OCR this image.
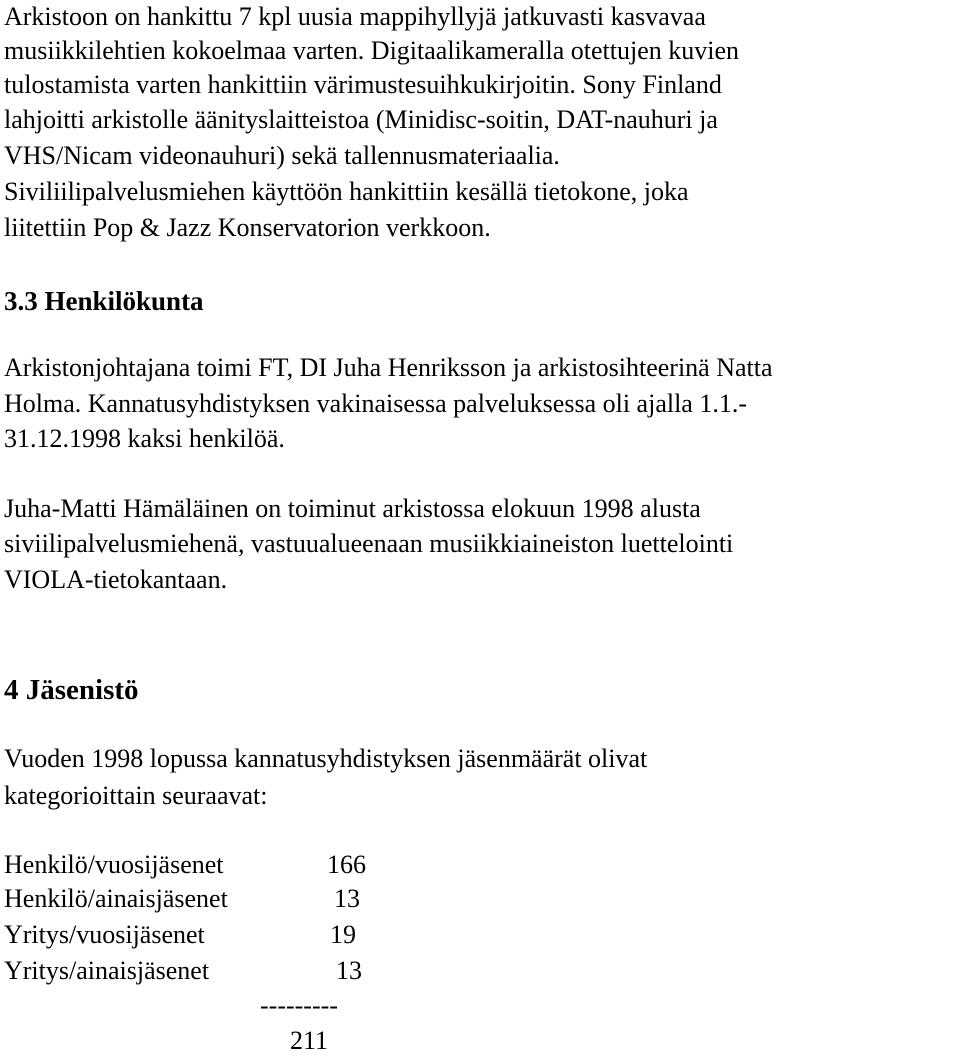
Arkistoon on hankittu 7 kpl uusia mappihyllyjä jatkuvasti kasvavaa
musiikkilehtien kokoelmaa varten. Digitaalikameralla otettujen kuvien
tulostamista varten hankittiin värimustesuihkukirjoitin. Sony Finland
lahjoitti arkistolle äänityslaitteistoa (Minidisc-soitin, DAT-nauhuri ja
VHS/Nicam videonauhuri) sekä tallennusmateriaalia.
Siviliilipalvelusmiehen käyttöön hankittiin kesällä tietokone, joka
liitettiin Pop & Jazz Konservatorion verkkoon.
3.3 Henkilökunta
Arkistonjohtajana toimi FT, DI Juha Henriksson ja arkistosihteerinä Natta
Holma. Kannatusyhdistyksen vakinaisessa palveluksessa oli ajalla 1.1.-
31.12.1998 kaksi henkilöä.
Juha-Matti Hämäläinen on toiminut arkistossa elokuun 1998 alusta
siviilipalvelusmiehenä, vastuualueenaan musiikkiaineiston luettelointi
VIOLA-tietokantaan.
4 Jäsenistö
Vuoden 1998 lopussa kannatusyhdistyksen jäsenmäärät olivat
kategorioittain seuraavat:
Henkilö/vuosijäsenet	166
Henkilö/ainaisjäsenet	13
Yritys/vuosijäsenet	19
Yritys/ainaisjäsenet	13
---------
211
